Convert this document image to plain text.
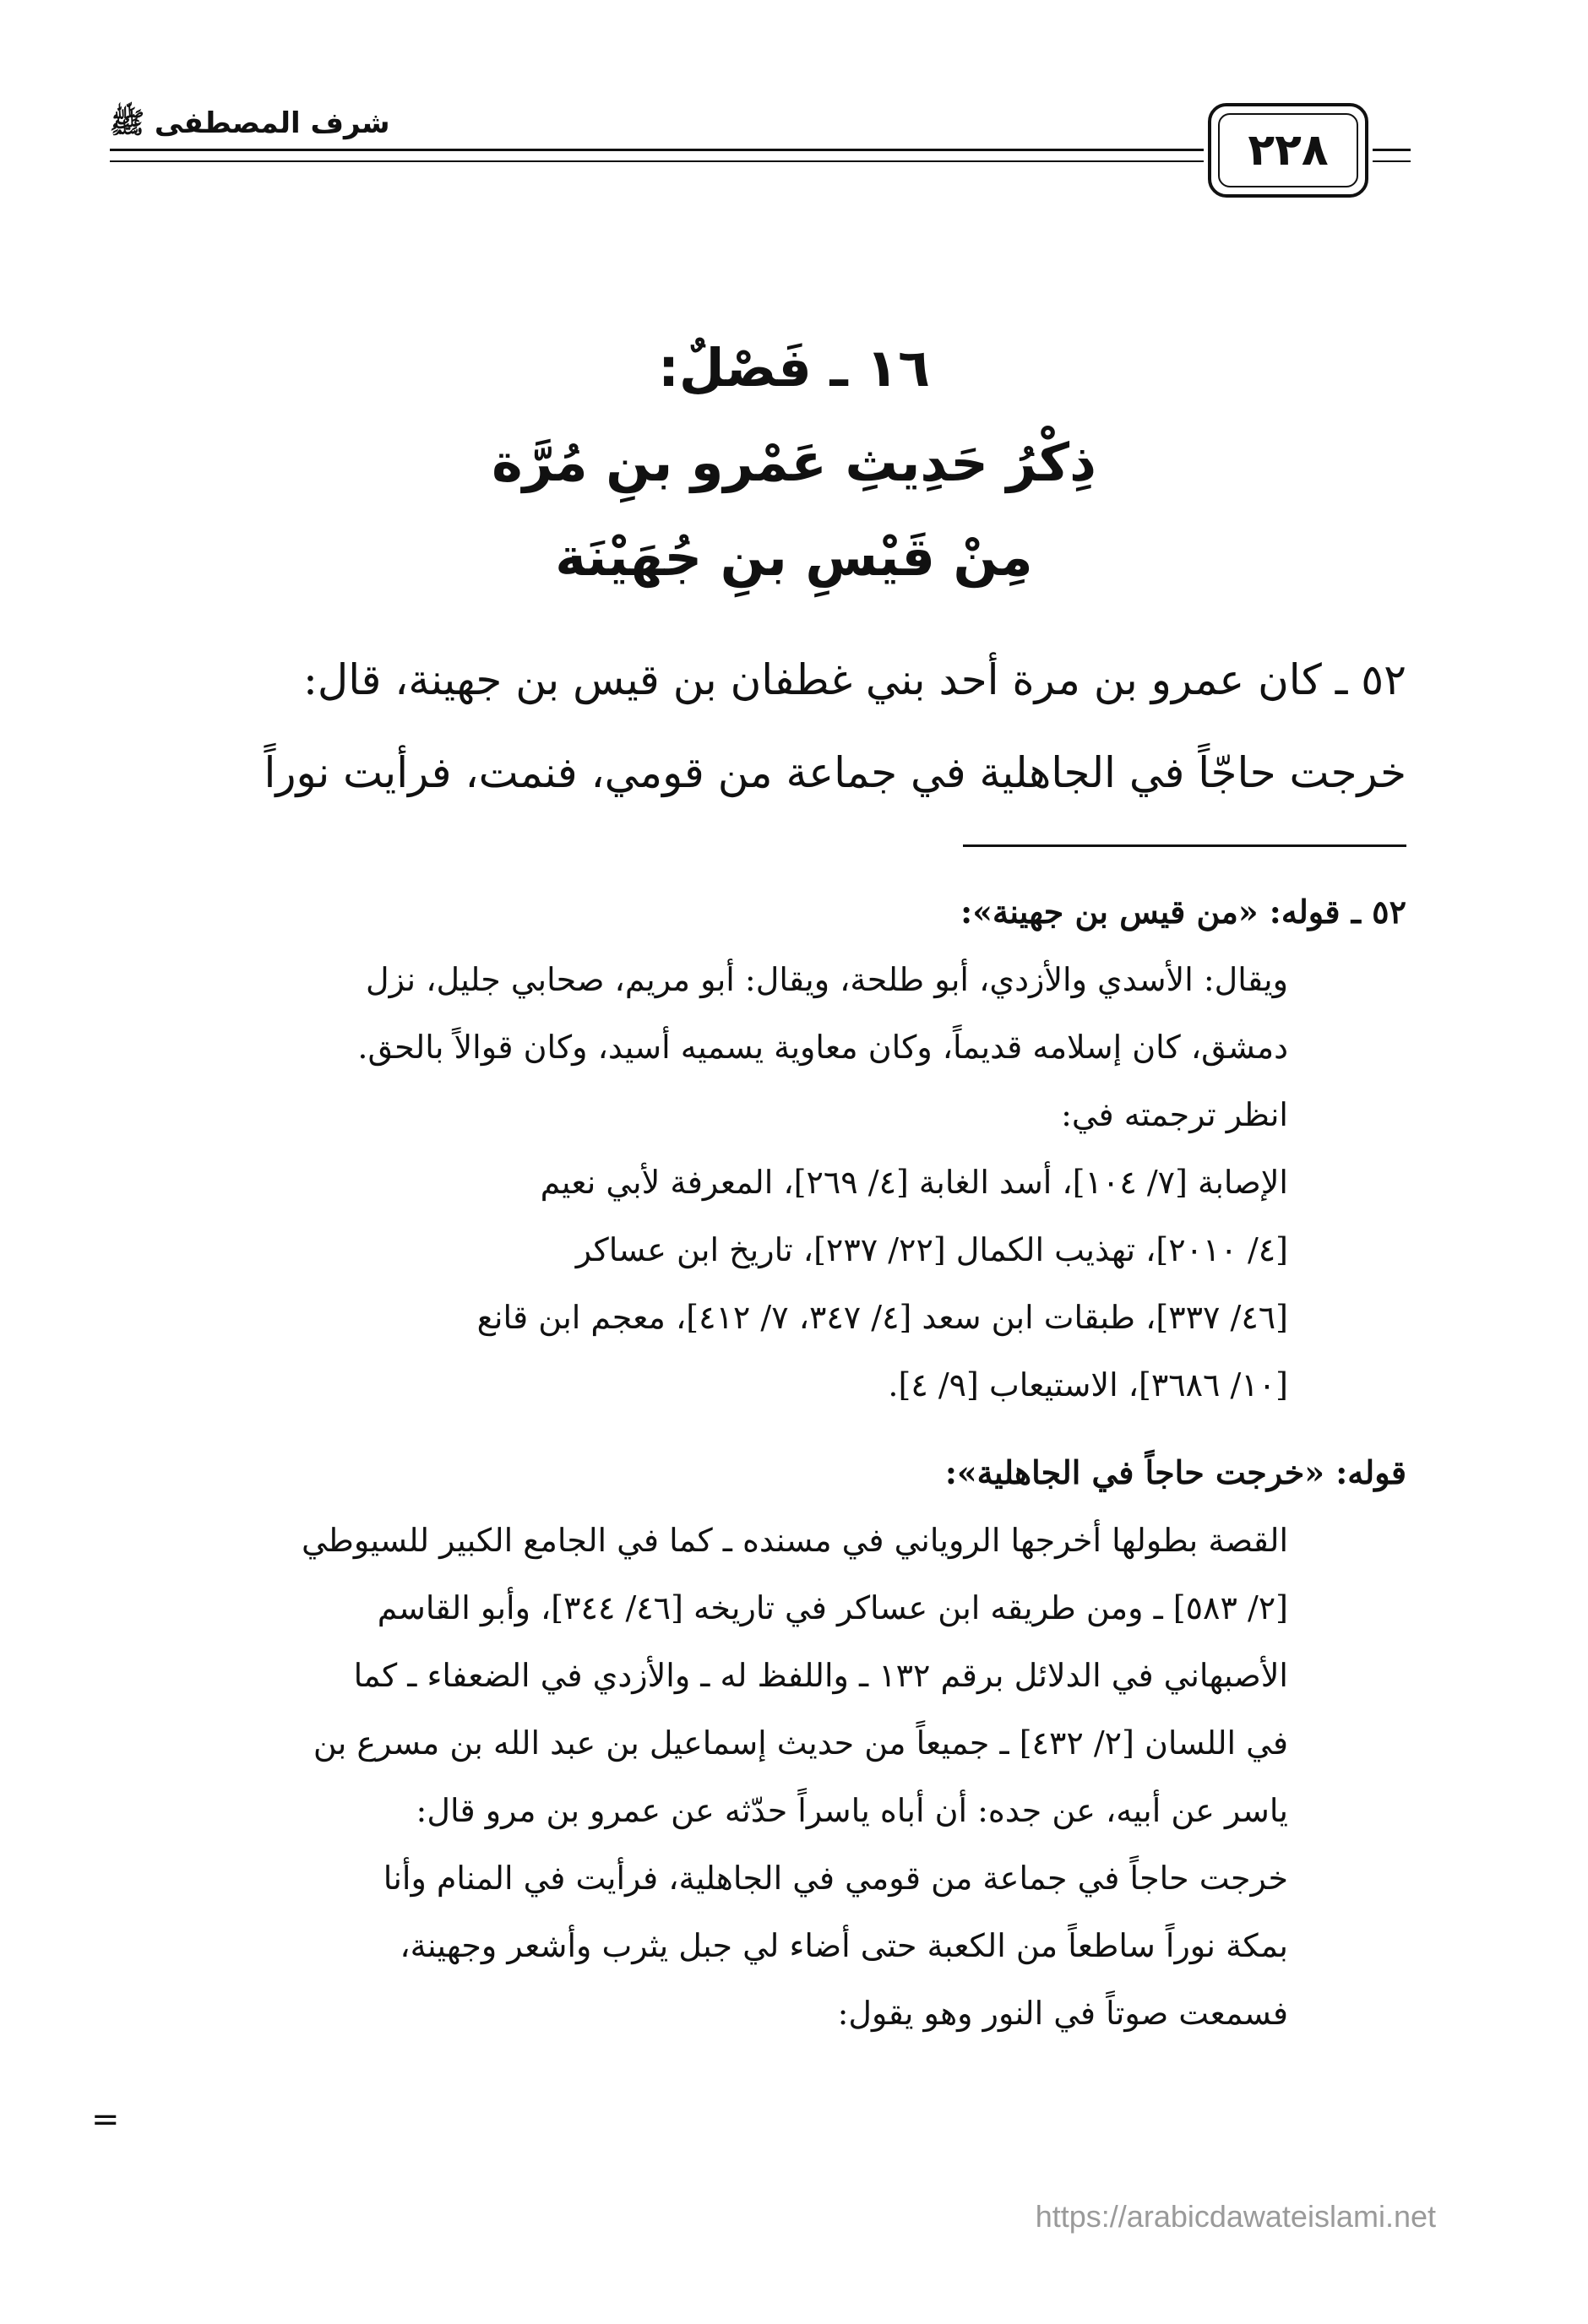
شرف المصطفى ﷺ
٢٢٨
١٦ ـ فَصْلٌ:
ذِكْرُ حَدِيثِ عَمْرو بنِ مُرَّة
مِنْ قَيْسِ بنِ جُهَيْنَة
٥٢ ـ كان عمرو بن مرة أحد بني غطفان بن قيس بن جهينة، قال:
خرجت حاجّاً في الجاهلية في جماعة من قومي، فنمت، فرأيت نوراً
٥٢ ـ قوله: «من قيس بن جهينة»:
ويقال: الأسدي والأزدي، أبو طلحة، ويقال: أبو مريم، صحابي جليل، نزل
دمشق، كان إسلامه قديماً، وكان معاوية يسميه أسيد، وكان قوالاً بالحق.
انظر ترجمته في:
الإصابة [٧/ ١٠٤]، أسد الغابة [٤/ ٢٦٩]، المعرفة لأبي نعيم
[٤/ ٢٠١٠]، تهذيب الكمال [٢٢/ ٢٣٧]، تاريخ ابن عساكر
[٤٦/ ٣٣٧]، طبقات ابن سعد [٤/ ٣٤٧، ٧/ ٤١٢]، معجم ابن قانع
[١٠/ ٣٦٨٦]، الاستيعاب [٩/ ٤].
قوله: «خرجت حاجاً في الجاهلية»:
القصة بطولها أخرجها الروياني في مسنده ـ كما في الجامع الكبير للسيوطي
[٢/ ٥٨٣] ـ ومن طريقه ابن عساكر في تاريخه [٤٦/ ٣٤٤]، وأبو القاسم
الأصبهاني في الدلائل برقم ١٣٢ ـ واللفظ له ـ والأزدي في الضعفاء ـ كما
في اللسان [٢/ ٤٣٢] ـ جميعاً من حديث إسماعيل بن عبد الله بن مسرع بن
ياسر عن أبيه، عن جده: أن أباه ياسراً حدّثه عن عمرو بن مرو قال:
خرجت حاجاً في جماعة من قومي في الجاهلية، فرأيت في المنام وأنا
بمكة نوراً ساطعاً من الكعبة حتى أضاء لي جبل يثرب وأشعر وجهينة،
فسمعت صوتاً في النور وهو يقول:
=
https://arabicdawateislami.net
